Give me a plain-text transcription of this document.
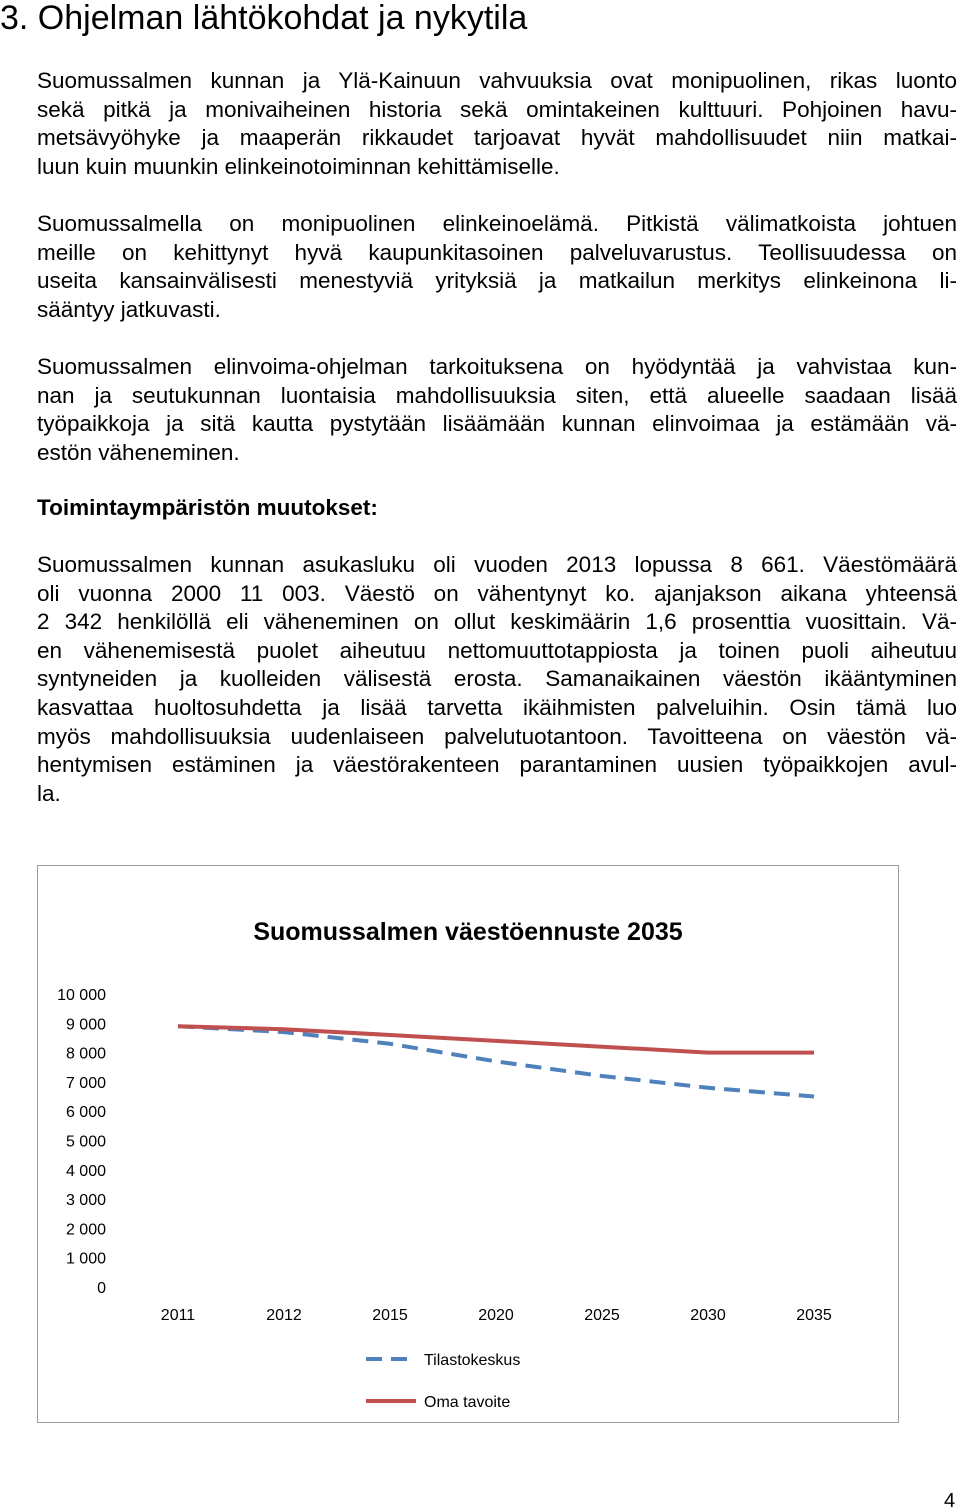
3. Ohjelman lähtökohdat ja nykytila
Suomussalmen kunnan ja Ylä-Kainuun vahvuuksia ovat monipuolinen, rikas luonto
sekä pitkä ja monivaiheinen historia sekä omintakeinen kulttuuri. Pohjoinen havu-
metsävyöhyke ja maaperän rikkaudet tarjoavat hyvät mahdollisuudet niin matkai-
luun kuin muunkin elinkeinotoiminnan kehittämiselle.
Suomussalmella on monipuolinen elinkeinoelämä. Pitkistä välimatkoista johtuen
meille on kehittynyt hyvä kaupunkitasoinen palveluvarustus. Teollisuudessa on
useita kansainvälisesti menestyviä yrityksiä ja matkailun merkitys elinkeinona li-
sääntyy jatkuvasti.
Suomussalmen elinvoima-ohjelman tarkoituksena on hyödyntää ja vahvistaa kun-
nan ja seutukunnan luontaisia mahdollisuuksia siten, että alueelle saadaan lisää
työpaikkoja ja sitä kautta pystytään lisäämään kunnan elinvoimaa ja estämään vä-
estön väheneminen.
Toimintaympäristön muutokset:
Suomussalmen kunnan asukasluku oli vuoden 2013 lopussa 8 661. Väestömäärä
oli vuonna 2000 11 003. Väestö on vähentynyt ko. ajanjakson aikana yhteensä
2 342 henkilöllä eli väheneminen on ollut keskimäärin 1,6 prosenttia vuosittain. Vä-
en vähenemisestä puolet aiheutuu nettomuuttotappiosta ja toinen puoli aiheutuu
syntyneiden ja kuolleiden välisestä erosta. Samanaikainen väestön ikääntyminen
kasvattaa huoltosuhdetta ja lisää tarvetta ikäihmisten palveluihin. Osin tämä luo
myös mahdollisuuksia uudenlaiseen palvelutuotantoon. Tavoitteena on väestön vä-
hentymisen estäminen ja väestörakenteen parantaminen uusien työpaikkojen avul-
la.
Suomussalmen väestöennuste 2035
10 000
9 000
8 000
7 000
6 000
5 000
4 000
3 000
2 000
1 000
0
2011	2012	2015	2020	2025	2030	2035
Tilastokeskus
Oma tavoite
4
